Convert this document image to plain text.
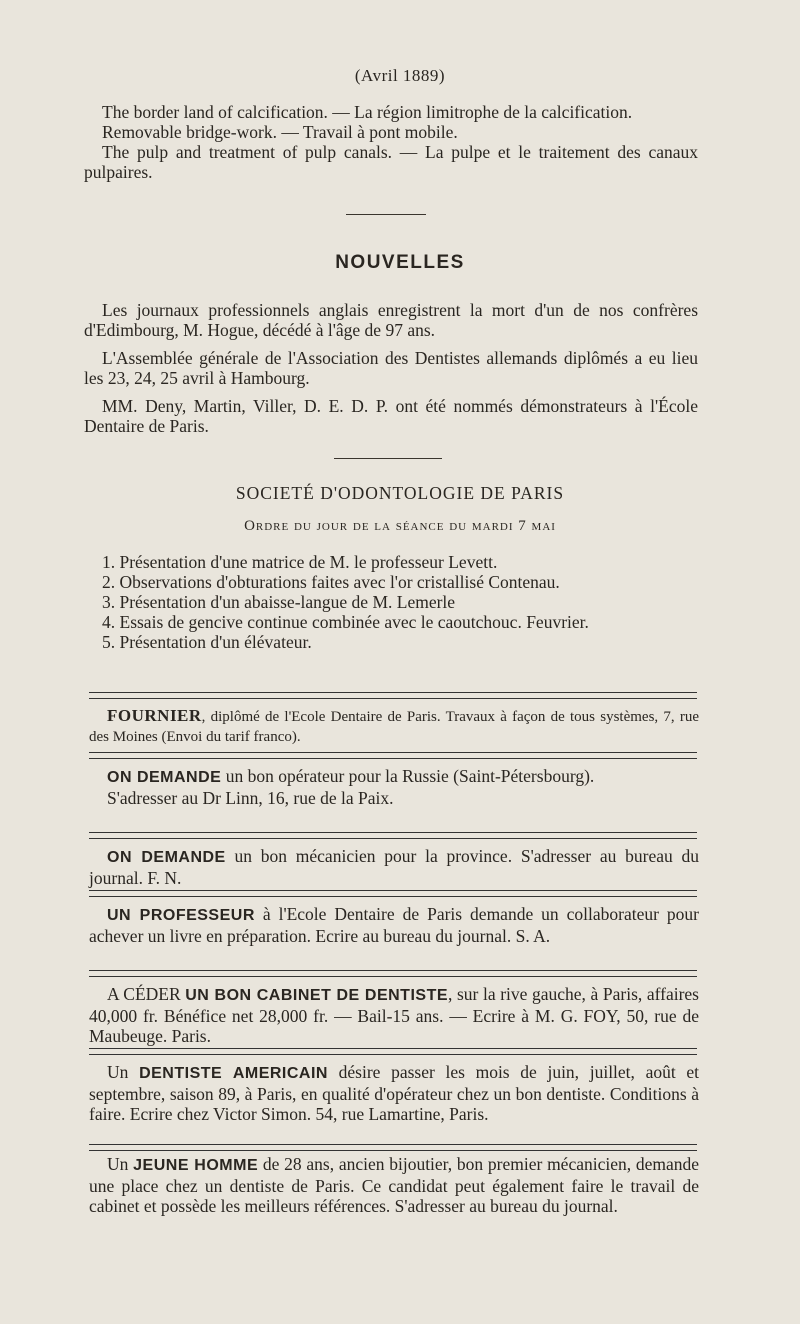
(Avril 1889)

The border land of calcification. — La région limitrophe de la calcification.

Removable bridge-work. — Travail à pont mobile.

The pulp and treatment of pulp canals. — La pulpe et le traitement des canaux pulpaires.

NOUVELLES

Les journaux professionnels anglais enregistrent la mort d'un de nos confrères d'Edimbourg, M. Hogue, décédé à l'âge de 97 ans.

L'Assemblée générale de l'Association des Dentistes allemands diplômés a eu lieu les 23, 24, 25 avril à Hambourg.

MM. Deny, Martin, Viller, D. E. D. P. ont été nommés démonstrateurs à l'École Dentaire de Paris.

SOCIETÉ D'ODONTOLOGIE DE PARIS
Ordre du jour de la séance du mardi 7 mai

1. Présentation d'une matrice de M. le professeur Levett.

2. Observations d'obturations faites avec l'or cristallisé Contenau.

3. Présentation d'un abaisse-langue de M. Lemerle

4. Essais de gencive continue combinée avec le caoutchouc. Feuvrier.

5. Présentation d'un élévateur.

FOURNIER, diplômé de l'Ecole Dentaire de Paris. Travaux à façon de tous systèmes, 7, rue des Moines (Envoi du tarif franco).

ON DEMANDE un bon opérateur pour la Russie (Saint-Pétersbourg).

S'adresser au Dr Linn, 16, rue de la Paix.

ON DEMANDE un bon mécanicien pour la province. S'adresser au bureau du journal. F. N.

UN PROFESSEUR à l'Ecole Dentaire de Paris demande un collaborateur pour achever un livre en préparation. Ecrire au bureau du journal. S. A.

A CÉDER UN BON CABINET DE DENTISTE, sur la rive gauche, à Paris, affaires 40,000 fr. Bénéfice net 28,000 fr. — Bail-15 ans. — Ecrire à M. G. FOY, 50, rue de Maubeuge. Paris.

Un DENTISTE AMERICAIN désire passer les mois de juin, juillet, août et septembre, saison 89, à Paris, en qualité d'opérateur chez un bon dentiste. Conditions à faire. Ecrire chez Victor Simon. 54, rue Lamartine, Paris.

Un JEUNE HOMME de 28 ans, ancien bijoutier, bon premier mécanicien, demande une place chez un dentiste de Paris. Ce candidat peut également faire le travail de cabinet et possède les meilleurs références. S'adresser au bureau du journal.
